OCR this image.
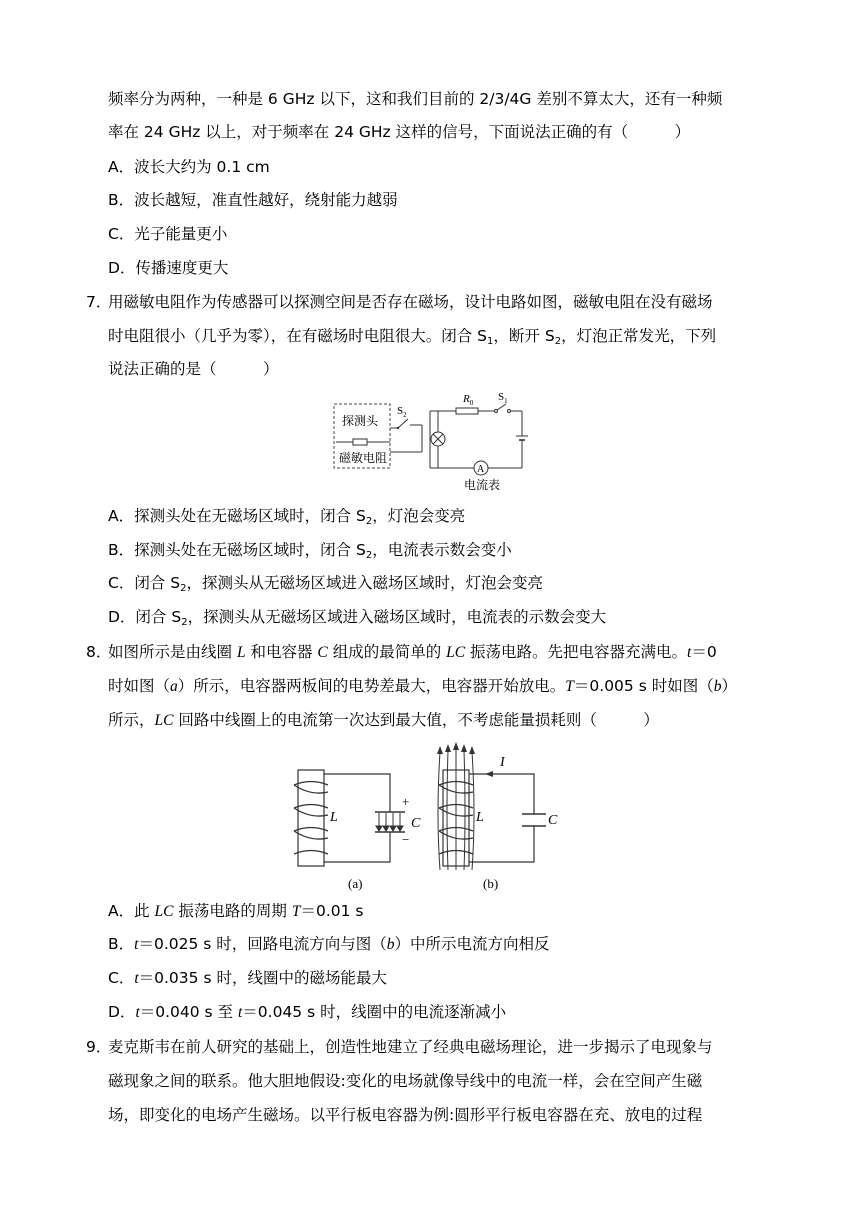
频率分为两种，一种是 6 GHz 以下，这和我们目前的 2/3/4G 差别不算太大，还有一种频
率在 24 GHz 以上，对于频率在 24 GHz 这样的信号，下面说法正确的有（　　　）
A．波长大约为 0.1 cm
B．波长越短，准直性越好，绕射能力越弱
C．光子能量更小
D．传播速度更大
7．
用磁敏电阻作为传感器可以探测空间是否存在磁场，设计电路如图，磁敏电阻在没有磁场
时电阻很小（几乎为零），在有磁场时电阻很大。闭合 $S_1$，断开 $S_2$，灯泡正常发光，下列
说法正确的是（　　　）
探测头
磁敏电阻
$S_2$
$R_0$ $S_1$
A
电流表
A．探测头处在无磁场区域时，闭合 $S_2$，灯泡会变亮
B．探测头处在无磁场区域时，闭合 $S_2$，电流表示数会变小
C．闭合 $S_2$，探测头从无磁场区域进入磁场区域时，灯泡会变亮
D．闭合 $S_2$，探测头从无磁场区域进入磁场区域时，电流表的示数会变大
8．
如图所示是由线圈 L 和电容器 C 组成的最简单的 LC 振荡电路。先把电容器充满电。t＝0
时如图（a）所示，电容器两板间的电势差最大，电容器开始放电。T＝0.005 s 时如图（b）
所示，LC 回路中线圈上的电流第一次达到最大值，不考虑能量损耗则（　　　）
L
+
−
C
(a)
L
I
C
(b)
A．此 LC 振荡电路的周期 T＝0.01 s
B．t＝0.025 s 时，回路电流方向与图（b）中所示电流方向相反
C．t＝0.035 s 时，线圈中的磁场能最大
D．t＝0.040 s 至 t＝0.045 s 时，线圈中的电流逐渐减小
9．
麦克斯韦在前人研究的基础上，创造性地建立了经典电磁场理论，进一步揭示了电现象与
磁现象之间的联系。他大胆地假设:变化的电场就像导线中的电流一样，会在空间产生磁
场，即变化的电场产生磁场。以平行板电容器为例:圆形平行板电容器在充、放电的过程
